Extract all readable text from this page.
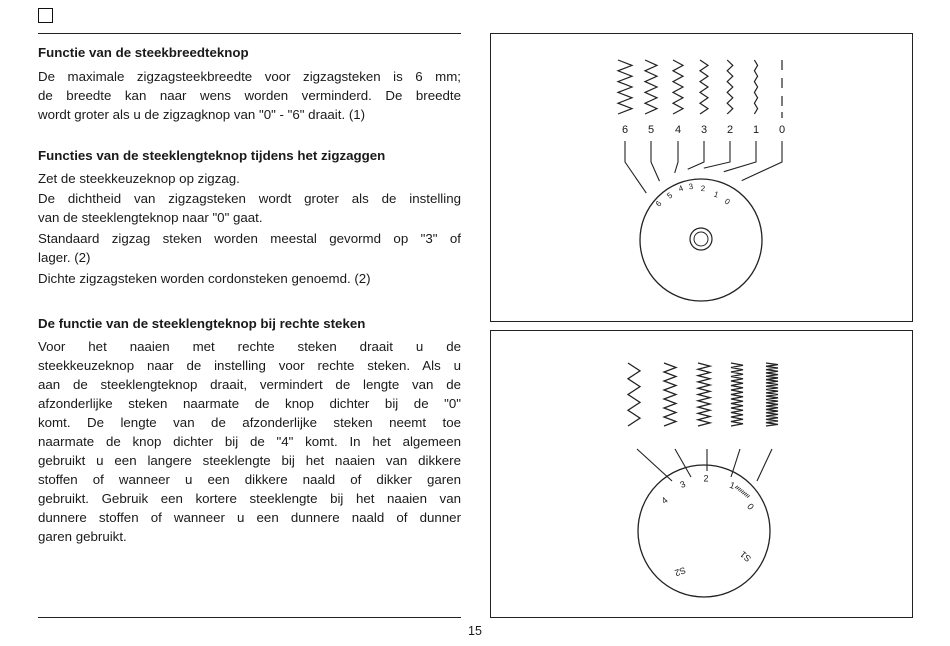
Functie van de steekbreedteknop
De maximale zigzagsteekbreedte voor zigzagsteken is 6 mm;
de breedte kan naar wens worden verminderd. De breedte
wordt groter als u de zigzagknop van "0" - "6" draait. (1)
Functies van de steeklengteknop tijdens het zigzaggen
Zet de steekkeuzeknop op zigzag.
De dichtheid van zigzagsteken wordt groter als de instelling
van de steeklengteknop naar "0" gaat.
Standaard zigzag steken worden meestal gevormd op "3" of
lager. (2)
Dichte zigzagsteken worden cordonsteken genoemd. (2)
De functie van de steeklengteknop bij rechte steken
Voor het naaien met rechte steken draait u de
steekkeuzeknop naar de instelling voor rechte steken. Als u
aan de steeklengteknop draait, vermindert de lengte van de
afzonderlijke steken naarmate de knop dichter bij de "0"
komt. De lengte van de afzonderlijke steken neemt toe
naarmate de knop dichter bij de "4" komt. In het algemeen
gebruikt u een langere steeklengte bij het naaien van dikkere
stoffen of wanneer u een dikkere naald of dikker garen
gebruikt. Gebruik een kortere steeklengte bij het naaien van
dunnere stoffen of wanneer u een dunnere naald of dunner
garen gebruikt.
15
6 5 4 3 2 1 0
6
5
4 3 2
1
0
4
3
2
1
0
S2
S1
